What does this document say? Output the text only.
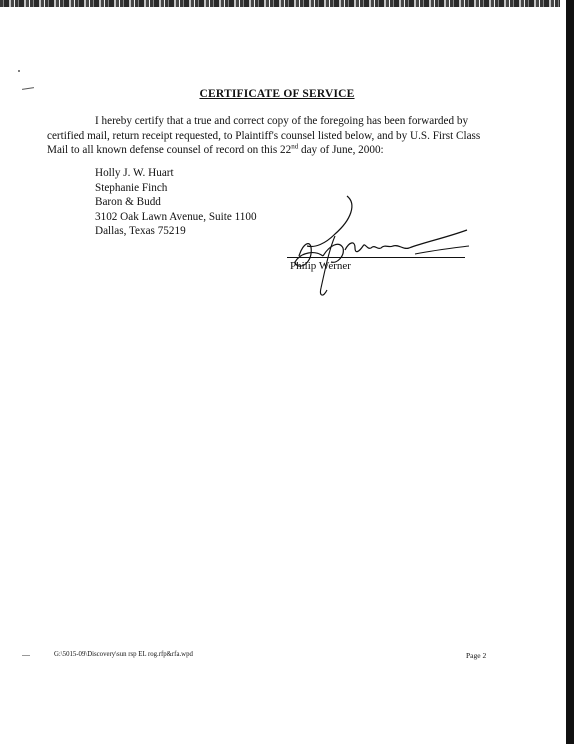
CERTIFICATE OF SERVICE
I hereby certify that a true and correct copy of the foregoing has been forwarded by certified mail, return receipt requested, to Plaintiff's counsel listed below, and by U.S. First Class Mail to all known defense counsel of record on this 22nd day of June, 2000:
Holly J. W. Huart
Stephanie Finch
Baron & Budd
3102 Oak Lawn Avenue, Suite 1100
Dallas, Texas 75219
Philip Werner
G:\5015-09\Discovery\sun rsp EL rog.rfp&rfa.wpd	Page 2
